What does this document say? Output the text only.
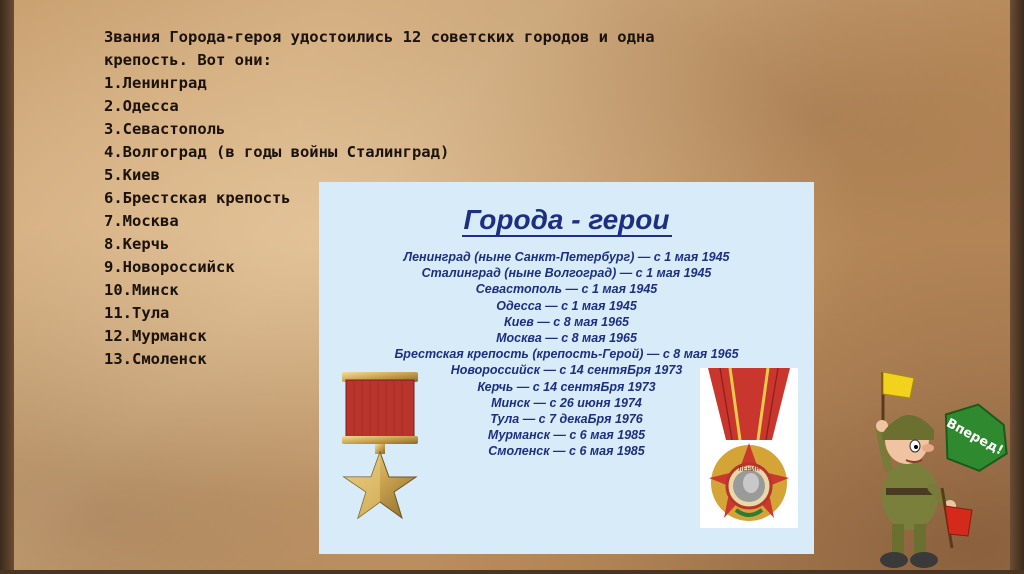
Звания Города-героя удостоились 12 советских городов и одна крепость. Вот они:
1.Ленинград
2.Одесса
3.Севастополь
4.Волгоград (в годы войны Сталинград)
5.Киев
6.Брестская крепость
7.Москва
8.Керчь
9.Новороссийск
10.Минск
11.Тула
12.Мурманск
13.Смоленск
Города - герои
Ленинград (ныне Санкт-Петербург) — с 1 мая 1945
Сталинград (ныне Волгоград) — с 1 мая 1945
Севастополь — с 1 мая 1945
Одесса — с 1 мая 1945
Киев — с 8 мая 1965
Москва — с 8 мая 1965
Брестская крепость (крепость-Герой) — с 8 мая 1965
Новороссийск — с 14 сентяБря 1973
Керчь — с 14 сентяБря 1973
Минск — с 26 июня 1974
Тула — с 7 декаБря 1976
Мурманск — с 6 мая 1985
Смоленск — с 6 мая 1985
ЛЕНИН
Вперед!
